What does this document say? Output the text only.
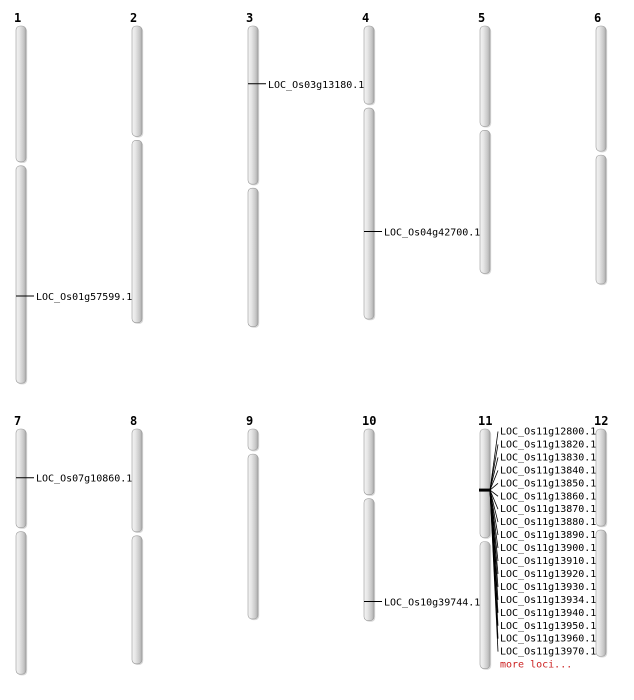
1	2	3	4	5	6
7	8	9	10	11	12
LOC_Os01g57599.1
LOC_Os03g13180.1
LOC_Os04g42700.1
LOC_Os07g10860.1
LOC_Os10g39744.1
LOC_Os11g12800.1
LOC_Os11g13820.1
LOC_Os11g13830.1
LOC_Os11g13840.1
LOC_Os11g13850.1
LOC_Os11g13860.1
LOC_Os11g13870.1
LOC_Os11g13880.1
LOC_Os11g13890.1
LOC_Os11g13900.1
LOC_Os11g13910.1
LOC_Os11g13920.1
LOC_Os11g13930.1
LOC_Os11g13934.1
LOC_Os11g13940.1
LOC_Os11g13950.1
LOC_Os11g13960.1
LOC_Os11g13970.1
more loci...
